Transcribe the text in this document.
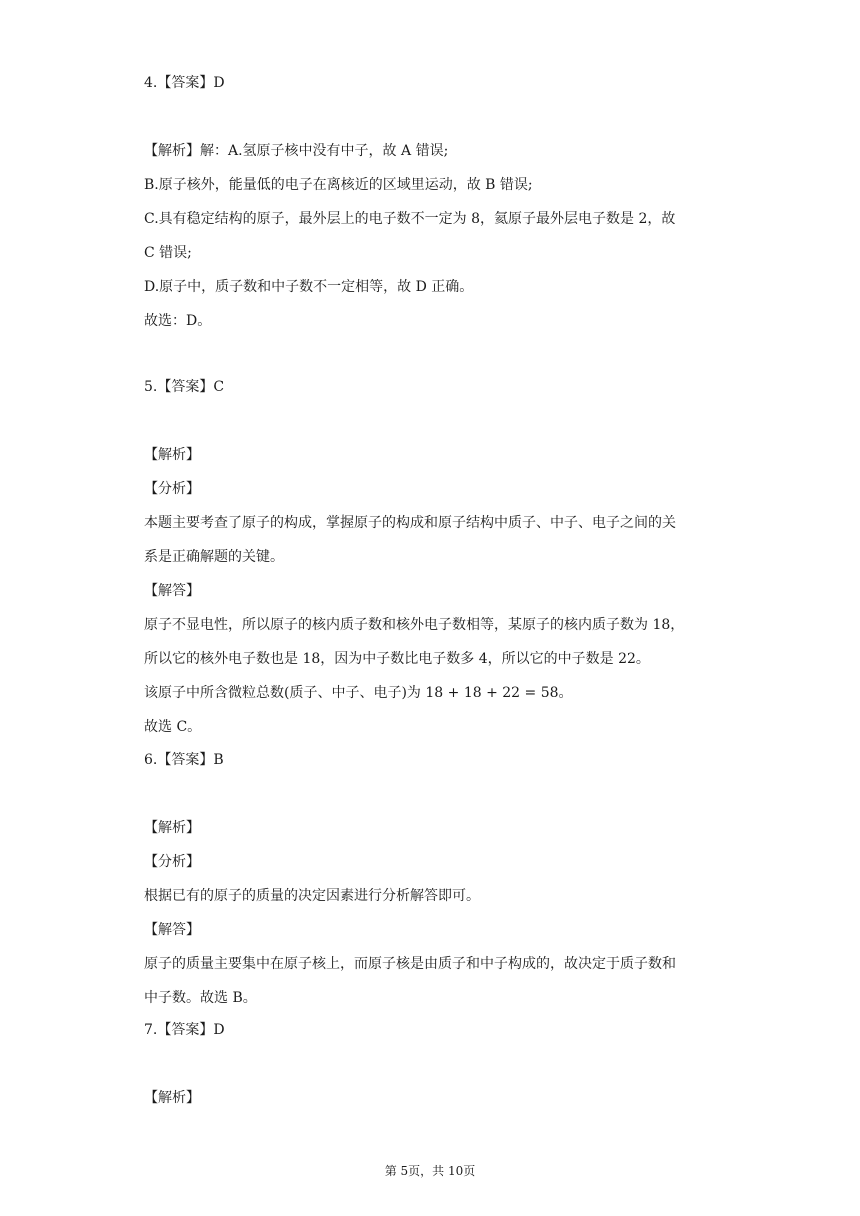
4.【答案】D
【解析】解：A.氢原子核中没有中子，故 A 错误;
B.原子核外，能量低的电子在离核近的区域里运动，故 B 错误;
C.具有稳定结构的原子，最外层上的电子数不一定为 8，氦原子最外层电子数是 2，故
C 错误;
D.原子中，质子数和中子数不一定相等，故 D 正确。
故选：D。
5.【答案】C
【解析】
【分析】
本题主要考查了原子的构成，掌握原子的构成和原子结构中质子、中子、电子之间的关
系是正确解题的关键。
【解答】
原子不显电性，所以原子的核内质子数和核外电子数相等，某原子的核内质子数为 18，
所以它的核外电子数也是 18，因为中子数比电子数多 4，所以它的中子数是 22。
该原子中所含微粒总数(质子、中子、电子)为 18 + 18 + 22 = 58。
故选 C。
6.【答案】B
【解析】
【分析】
根据已有的原子的质量的决定因素进行分析解答即可。
【解答】
原子的质量主要集中在原子核上，而原子核是由质子和中子构成的，故决定于质子数和
中子数。故选 B。
7.【答案】D
【解析】
第 5页，共 10页
